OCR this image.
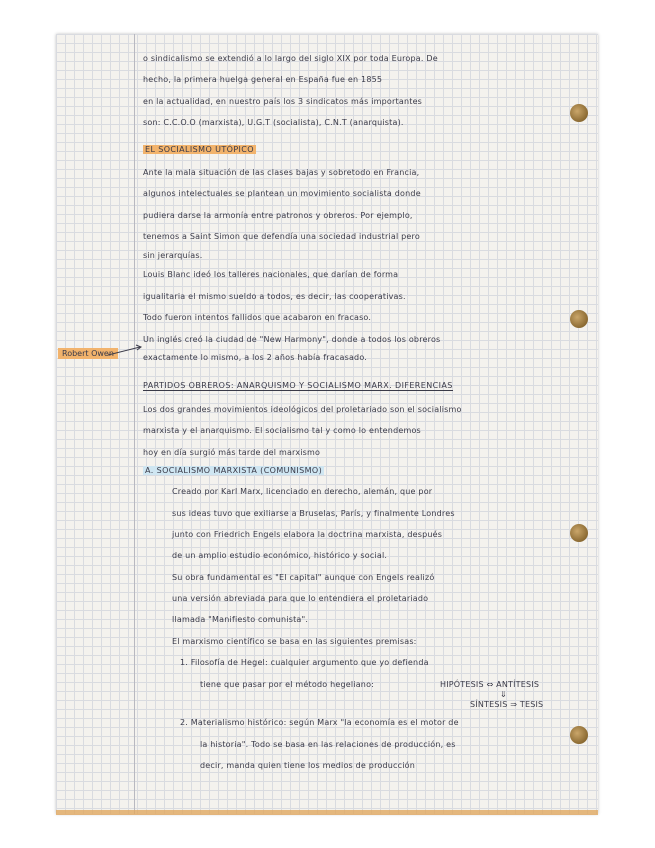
o sindicalismo se extendió a lo largo del siglo XIX por toda Europa. De
hecho, la primera huelga general en España fue en 1855
en la actualidad, en nuestro país los 3 sindicatos más importantes
son: C.C.O.O (marxista), U.G.T (socialista), C.N.T (anarquista).
EL SOCIALISMO UTÓPICO
Ante la mala situación de las clases bajas y sobretodo en Francia,
algunos intelectuales se plantean un movimiento socialista donde
pudiera darse la armonía entre patronos y obreros. Por ejemplo,
tenemos a Saint Simon que defendía una sociedad industrial pero
sin jerarquías.
Louis Blanc ideó los talleres nacionales, que darían de forma
igualitaria el mismo sueldo a todos, es decir, las cooperativas.
Todo fueron intentos fallidos que acabaron en fracaso.
Un inglés creó la ciudad de "New Harmony", donde a todos los obreros
exactamente lo mismo, a los 2 años había fracasado.
Robert Owen
PARTIDOS OBREROS: ANARQUISMO Y SOCIALISMO MARX. DIFERENCIAS
Los dos grandes movimientos ideológicos del proletariado son el socialismo
marxista y el anarquismo. El socialismo tal y como lo entendemos
hoy en día surgió más tarde del marxismo
A. SOCIALISMO MARXISTA (COMUNISMO)
Creado por Karl Marx, licenciado en derecho, alemán, que por
sus ideas tuvo que exiliarse a Bruselas, París, y finalmente Londres
junto con Friedrich Engels elabora la doctrina marxista, después
de un amplio estudio económico, histórico y social.
Su obra fundamental es "El capital" aunque con Engels realizó
una versión abreviada para que lo entendiera el proletariado
llamada "Manifiesto comunista".
El marxismo científico se basa en las siguientes premisas:
1. Filosofía de Hegel: cualquier argumento que yo defienda
tiene que pasar por el método hegeliano:	HIPÓTESIS ⇔ ANTÍTESIS
⇓
SÍNTESIS ⇒ TESIS
2. Materialismo histórico: según Marx "la economía es el motor de
la historia". Todo se basa en las relaciones de producción, es
decir, manda quien tiene los medios de producción
